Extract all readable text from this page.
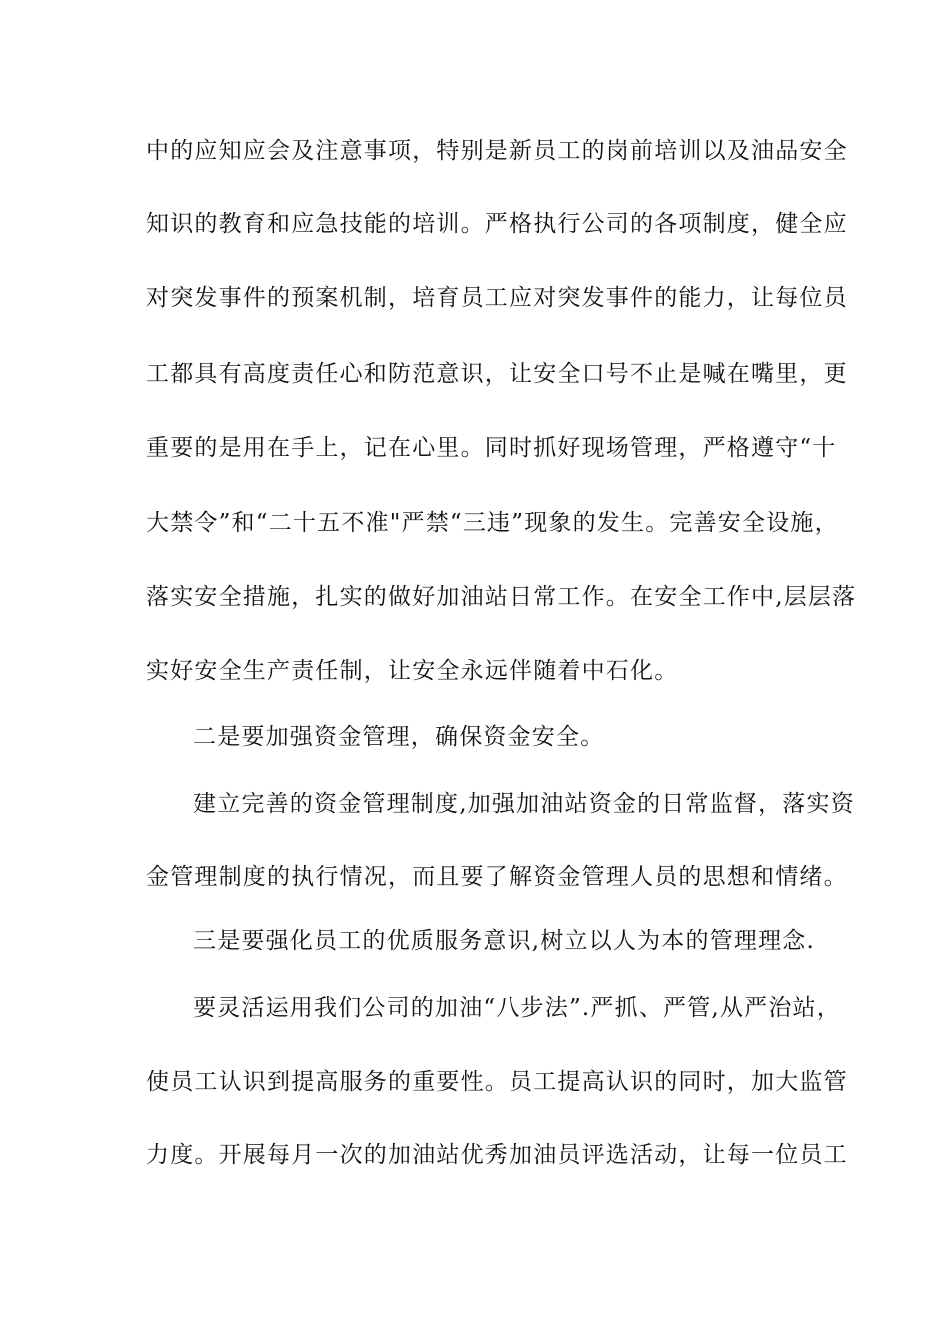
中的应知应会及注意事项，特别是新员工的岗前培训以及油品安全
知识的教育和应急技能的培训。严格执行公司的各项制度，健全应
对突发事件的预案机制，培育员工应对突发事件的能力，让每位员
工都具有高度责任心和防范意识，让安全口号不止是喊在嘴里，更
重要的是用在手上，记在心里。同时抓好现场管理，严格遵守“十
大禁令”和“二十五不准"严禁“三违”现象的发生。完善安全设施，
落实安全措施，扎实的做好加油站日常工作。在安全工作中,层层落
实好安全生产责任制，让安全永远伴随着中石化。
二是要加强资金管理，确保资金安全。
建立完善的资金管理制度,加强加油站资金的日常监督，落实资
金管理制度的执行情况，而且要了解资金管理人员的思想和情绪。
三是要强化员工的优质服务意识,树立以人为本的管理理念.
要灵活运用我们公司的加油“八步法”.严抓、严管,从严治站，
使员工认识到提高服务的重要性。员工提高认识的同时，加大监管
力度。开展每月一次的加油站优秀加油员评选活动，让每一位员工
